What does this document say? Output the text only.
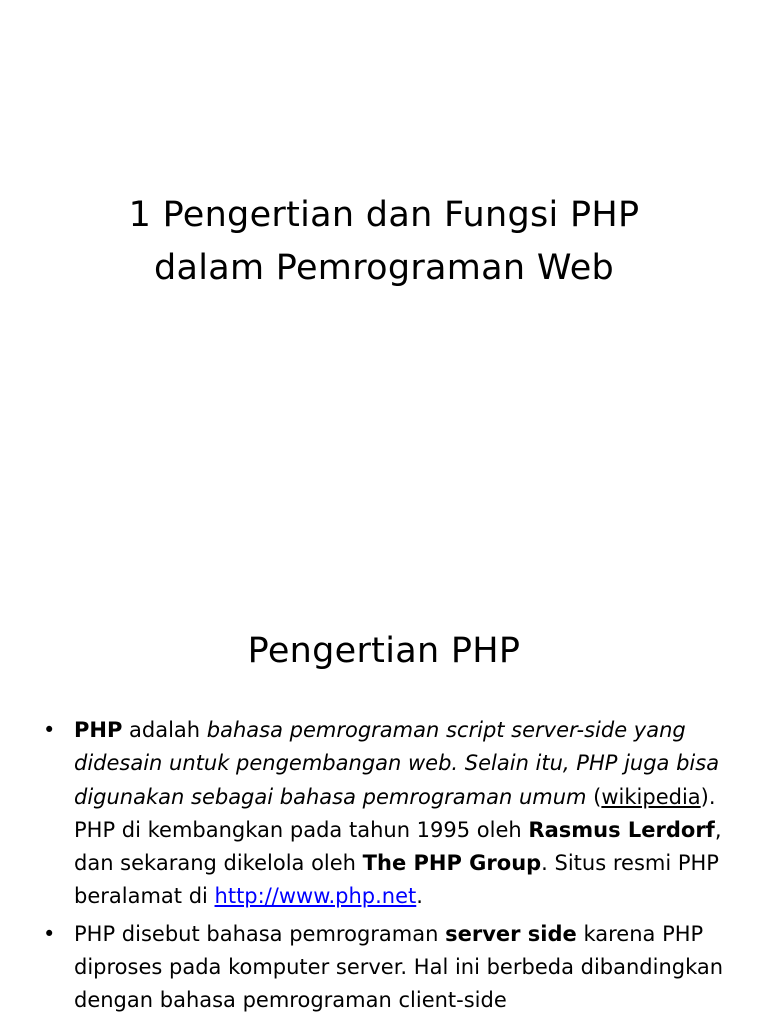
1 Pengertian dan Fungsi PHP
dalam Pemrograman Web
Pengertian PHP
• PHP adalah bahasa pemrograman script server-side yang didesain untuk pengembangan web. Selain itu, PHP juga bisa digunakan sebagai bahasa pemrograman umum (wikipedia). PHP di kembangkan pada tahun 1995 oleh Rasmus Lerdorf, dan sekarang dikelola oleh The PHP Group. Situs resmi PHP beralamat di http://www.php.net.
• PHP disebut bahasa pemrograman server side karena PHP diproses pada komputer server. Hal ini berbeda dibandingkan dengan bahasa pemrograman client-side
